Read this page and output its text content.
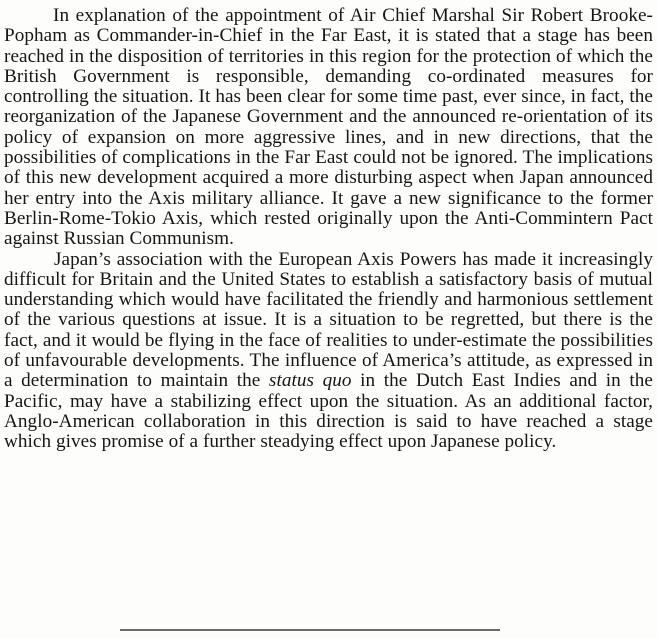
In explanation of the appointment of Air Chief Marshal Sir Robert Brooke-Popham as Commander-in-Chief in the Far East, it is stated that a stage has been reached in the disposition of territories in this region for the protection of which the British Government is responsible, demanding co-ordinated measures for controlling the situation. It has been clear for some time past, ever since, in fact, the reorganization of the Japanese Government and the announced re-orientation of its policy of expansion on more aggressive lines, and in new directions, that the possibilities of complications in the Far East could not be ignored. The implications of this new development acquired a more disturbing aspect when Japan announced her entry into the Axis military alliance. It gave a new significance to the former Berlin-Rome-Tokio Axis, which rested originally upon the Anti-Commintern Pact against Russian Communism.

Japan’s association with the European Axis Powers has made it increasingly difficult for Britain and the United States to establish a satisfactory basis of mutual understanding which would have facilitated the friendly and harmonious settlement of the various questions at issue. It is a situation to be regretted, but there is the fact, and it would be flying in the face of realities to under-estimate the possibilities of unfavourable developments. The influence of America’s attitude, as expressed in a determination to maintain the status quo in the Dutch East Indies and in the Pacific, may have a stabilizing effect upon the situation. As an additional factor, Anglo-American collaboration in this direction is said to have reached a stage which gives promise of a further steadying effect upon Japanese policy.
